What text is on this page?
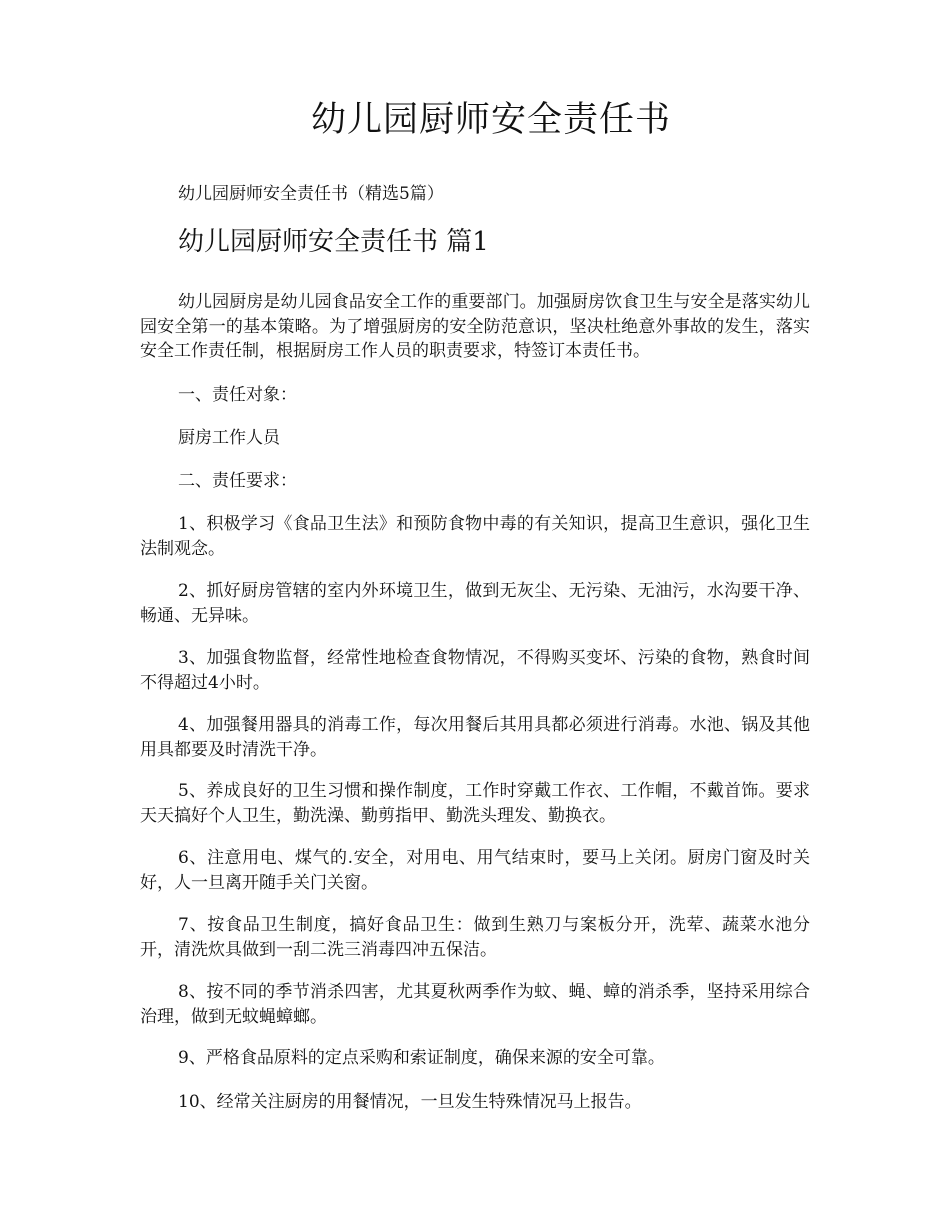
幼儿园厨师安全责任书

幼儿园厨师安全责任书（精选5篇）

幼儿园厨师安全责任书 篇1

幼儿园厨房是幼儿园食品安全工作的重要部门。加强厨房饮食卫生与安全是落实幼儿园安全第一的基本策略。为了增强厨房的安全防范意识，坚决杜绝意外事故的发生，落实安全工作责任制，根据厨房工作人员的职责要求，特签订本责任书。

一、责任对象：

厨房工作人员

二、责任要求：

1、积极学习《食品卫生法》和预防食物中毒的有关知识，提高卫生意识，强化卫生法制观念。

2、抓好厨房管辖的室内外环境卫生，做到无灰尘、无污染、无油污，水沟要干净、畅通、无异味。

3、加强食物监督，经常性地检查食物情况，不得购买变坏、污染的食物，熟食时间不得超过4小时。

4、加强餐用器具的消毒工作，每次用餐后其用具都必须进行消毒。水池、锅及其他用具都要及时清洗干净。

5、养成良好的卫生习惯和操作制度，工作时穿戴工作衣、工作帽，不戴首饰。要求天天搞好个人卫生，勤洗澡、勤剪指甲、勤洗头理发、勤换衣。

6、注意用电、煤气的.安全，对用电、用气结束时，要马上关闭。厨房门窗及时关好，人一旦离开随手关门关窗。

7、按食品卫生制度，搞好食品卫生：做到生熟刀与案板分开，洗荤、蔬菜水池分开，清洗炊具做到一刮二洗三消毒四冲五保洁。

8、按不同的季节消杀四害，尤其夏秋两季作为蚊、蝇、蟑的消杀季，坚持采用综合治理，做到无蚊蝇蟑螂。

9、严格食品原料的定点采购和索证制度，确保来源的安全可靠。

10、经常关注厨房的用餐情况，一旦发生特殊情况马上报告。
